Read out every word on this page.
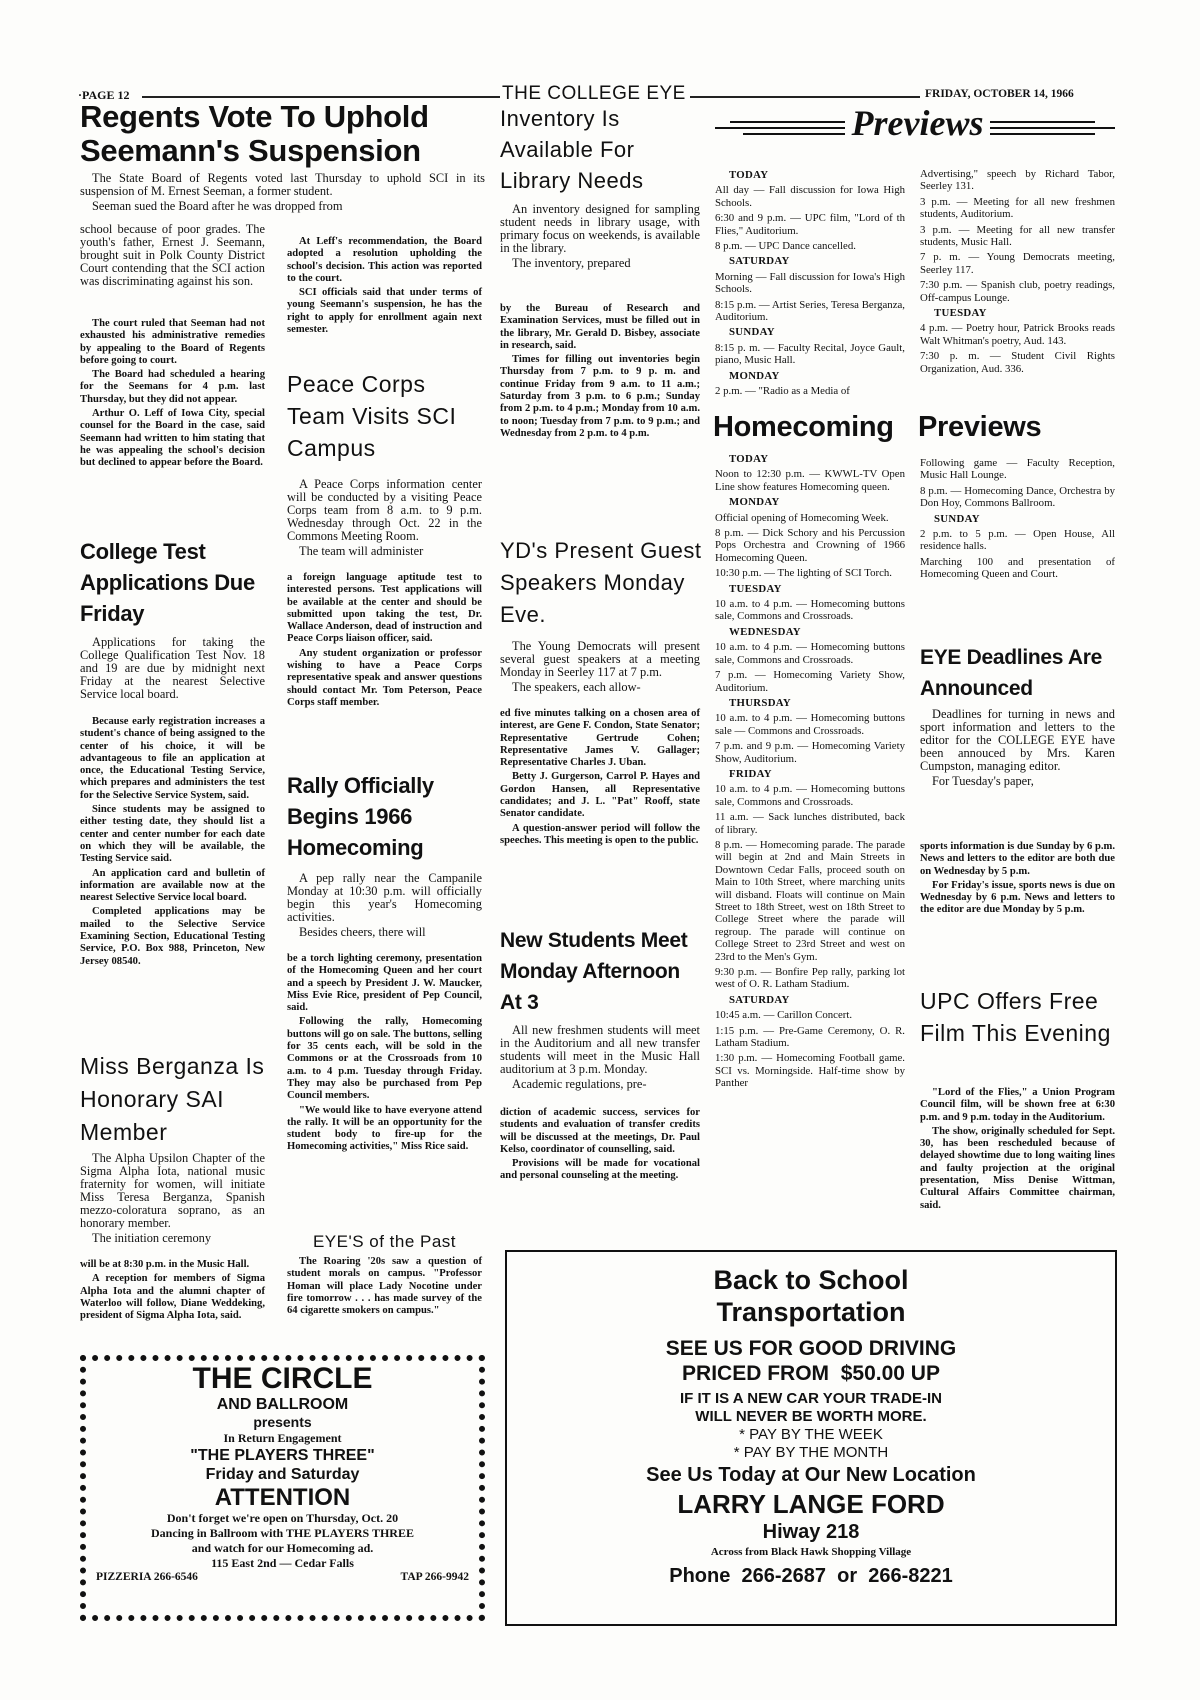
·PAGE 12	THE COLLEGE EYE	FRIDAY, OCTOBER 14, 1966
Regents Vote To Uphold Seemann's Suspension

The State Board of Regents voted last Thursday to uphold SCI in its suspension of M. Ernest Seeman, a former student.

Seeman sued the Board after he was dropped from

school because of poor grades. The youth's father, Ernest J. Seemann, brought suit in Polk County District Court contending that the SCI action was discriminating against his son.

The court ruled that Seeman had not exhausted his administrative remedies by appealing to the Board of Regents before going to court.

The Board had scheduled a hearing for the Seemans for 4 p.m. last Thursday, but they did not appear.

Arthur O. Leff of Iowa City, special counsel for the Board in the case, said Seemann had written to him stating that he was appealing the school's decision but declined to appear before the Board.

At Leff's recommendation, the Board adopted a resolution upholding the school's decision. This action was reported to the court.

SCI officials said that under terms of young Seemann's suspension, he has the right to apply for enrollment again next semester.

College Test Applications Due Friday

Applications for taking the College Qualification Test Nov. 18 and 19 are due by midnight next Friday at the nearest Selective Service local board.

Because early registration increases a student's chance of being assigned to the center of his choice, it will be advantageous to file an application at once, the Educational Testing Service, which prepares and administers the test for the Selective Service System, said.

Since students may be assigned to either testing date, they should list a center and center number for each date on which they will be available, the Testing Service said.

An application card and bulletin of information are available now at the nearest Selective Service local board.

Completed applications may be mailed to the Selective Service Examining Section, Educational Testing Service, P.O. Box 988, Princeton, New Jersey 08540.

Miss Berganza Is Honorary SAI Member

The Alpha Upsilon Chapter of the Sigma Alpha Iota, national music fraternity for women, will initiate Miss Teresa Berganza, Spanish mezzo-coloratura soprano, as an honorary member.

The initiation ceremony

will be at 8:30 p.m. in the Music Hall.

A reception for members of Sigma Alpha Iota and the alumni chapter of Waterloo will follow, Diane Weddeking, president of Sigma Alpha Iota, said.

Peace Corps Team Visits SCI Campus

A Peace Corps information center will be conducted by a visiting Peace Corps team from 8 a.m. to 9 p.m. Wednesday through Oct. 22 in the Commons Meeting Room.

The team will administer

a foreign language aptitude test to interested persons. Test applications will be available at the center and should be submitted upon taking the test, Dr. Wallace Anderson, dead of instruction and Peace Corps liaison officer, said.

Any student organization or professor wishing to have a Peace Corps representative speak and answer questions should contact Mr. Tom Peterson, Peace Corps staff member.

Rally Officially Begins 1966 Homecoming

A pep rally near the Campanile Monday at 10:30 p.m. will officially begin this year's Homecoming activities.

Besides cheers, there will

be a torch lighting ceremony, presentation of the Homecoming Queen and her court and a speech by President J. W. Maucker, Miss Evie Rice, president of Pep Council, said.

Following the rally, Homecoming buttons will go on sale. The buttons, selling for 35 cents each, will be sold in the Commons or at the Crossroads from 10 a.m. to 4 p.m. Tuesday through Friday. They may also be purchased from Pep Council members.

"We would like to have everyone attend the rally. It will be an opportunity for the student body to fire-up for the Homecoming activities," Miss Rice said.

EYE'S of the Past

The Roaring '20s saw a question of student morals on campus. "Professor Homan will place Lady Nocotine under fire tomorrow . . . has made survey of the 64 cigarette smokers on campus."

Inventory Is Available For Library Needs

An inventory designed for sampling student needs in library usage, with primary focus on weekends, is available in the library.

The inventory, prepared

by the Bureau of Research and Examination Services, must be filled out in the library, Mr. Gerald D. Bisbey, associate in research, said.

Times for filling out inventories begin Thursday from 7 p.m. to 9 p. m. and continue Friday from 9 a.m. to 11 a.m.; Saturday from 3 p.m. to 6 p.m.; Sunday from 2 p.m. to 4 p.m.; Monday from 10 a.m. to noon; Tuesday from 7 p.m. to 9 p.m.; and Wednesday from 2 p.m. to 4 p.m.

YD's Present Guest Speakers Monday Eve.

The Young Democrats will present several guest speakers at a meeting Monday in Seerley 117 at 7 p.m.

The speakers, each allow-

ed five minutes talking on a chosen area of interest, are Gene F. Condon, State Senator; Representative Gertrude Cohen; Representative James V. Gallager; Representative Charles J. Uban.

Betty J. Gurgerson, Carrol P. Hayes and Gordon Hansen, all Representative candidates; and J. L. "Pat" Rooff, state Senator candidate.

A question-answer period will follow the speeches. This meeting is open to the public.

New Students Meet Monday Afternoon At 3

All new freshmen students will meet in the Auditorium and all new transfer students will meet in the Music Hall auditorium at 3 p.m. Monday.

Academic regulations, pre-

diction of academic success, services for students and evaluation of transfer credits will be discussed at the meetings, Dr. Paul Kelso, coordinator of counselling, said.

Provisions will be made for vocational and personal counseling at the meeting.

Previews
TODAY
All day — Fall discussion for Iowa High Schools.
6:30 and 9 p.m. — UPC film, "Lord of th Flies," Auditorium.
8 p.m. — UPC Dance cancelled.
SATURDAY
Morning — Fall discussion for Iowa's High Schools.
8:15 p.m. — Artist Series, Teresa Berganza, Auditorium.
SUNDAY
8:15 p. m. — Faculty Recital, Joyce Gault, piano, Music Hall.
MONDAY
2 p.m. — "Radio as a Media of
Advertising," speech by Richard Tabor, Seerley 131.
3 p.m. — Meeting for all new freshmen students, Auditorium.
3 p.m. — Meeting for all new transfer students, Music Hall.
7 p. m. — Young Democrats meeting, Seerley 117.
7:30 p.m. — Spanish club, poetry readings, Off-campus Lounge.
TUESDAY
4 p.m. — Poetry hour, Patrick Brooks reads Walt Whitman's poetry, Aud. 143.
7:30 p. m. — Student Civil Rights Organization, Aud. 336.
Homecoming Previews
TODAY
Noon to 12:30 p.m. — KWWL-TV Open Line show features Homecoming queen.
MONDAY
Official opening of Homecoming Week.
8 p.m. — Dick Schory and his Percussion Pops Orchestra and Crowning of 1966 Homecoming Queen.
10:30 p.m. — The lighting of SCI Torch.
TUESDAY
10 a.m. to 4 p.m. — Homecoming buttons sale, Commons and Crossroads.
WEDNESDAY
10 a.m. to 4 p.m. — Homecoming buttons sale, Commons and Crossroads.
7 p.m. — Homecoming Variety Show, Auditorium.
THURSDAY
10 a.m. to 4 p.m. — Homecoming buttons sale — Commons and Crossroads.
7 p.m. and 9 p.m. — Homecoming Variety Show, Auditorium.
FRIDAY
10 a.m. to 4 p.m. — Homecoming buttons sale, Commons and Crossroads.
11 a.m. — Sack lunches distributed, back of library.
8 p.m. — Homecoming parade. The parade will begin at 2nd and Main Streets in Downtown Cedar Falls, proceed south on Main to 10th Street, where marching units will disband. Floats will continue on Main Street to 18th Street, west on 18th Street to College Street where the parade will regroup. The parade will continue on College Street to 23rd Street and west on 23rd to the Men's Gym.
9:30 p.m. — Bonfire Pep rally, parking lot west of O. R. Latham Stadium.
SATURDAY
10:45 a.m. — Carillon Concert.
1:15 p.m. — Pre-Game Ceremony, O. R. Latham Stadium.
1:30 p.m. — Homecoming Football game. SCI vs. Morningside. Half-time show by Panther
Following game — Faculty Reception, Music Hall Lounge.
8 p.m. — Homecoming Dance, Orchestra by Don Hoy, Commons Ballroom.
SUNDAY
2 p.m. to 5 p.m. — Open House, All residence halls.
Marching 100 and presentation of Homecoming Queen and Court.
EYE Deadlines Are Announced

Deadlines for turning in news and sport information and letters to the editor for the COLLEGE EYE have been annouced by Mrs. Karen Cumpston, managing editor.

For Tuesday's paper,

sports information is due Sunday by 6 p.m. News and letters to the editor are both due on Wednesday by 5 p.m.

For Friday's issue, sports news is due on Wednesday by 6 p.m. News and letters to the editor are due Monday by 5 p.m.

UPC Offers Free Film This Evening

"Lord of the Flies," a Union Program Council film, will be shown free at 6:30 p.m. and 9 p.m. today in the Auditorium.

The show, originally scheduled for Sept. 30, has been rescheduled because of delayed showtime due to long waiting lines and faulty projection at the original presentation, Miss Denise Wittman, Cultural Affairs Committee chairman, said.

THE CIRCLE
AND BALLROOM
presents
In Return Engagement
"THE PLAYERS THREE"
Friday and Saturday
ATTENTION
Don't forget we're open on Thursday, Oct. 20
Dancing in Ballroom with THE PLAYERS THREE
and watch for our Homecoming ad.
115 East 2nd — Cedar Falls
PIZZERIA 266-6546	TAP 266-9942
Back to School
Transportation
SEE US FOR GOOD DRIVING
PRICED FROM  $50.00 UP
IF IT IS A NEW CAR YOUR TRADE-IN
WILL NEVER BE WORTH MORE.
* PAY BY THE WEEK
* PAY BY THE MONTH
See Us Today at Our New Location
LARRY LANGE FORD
Hiway 218
Across from Black Hawk Shopping Village
Phone  266-2687  or  266-8221
